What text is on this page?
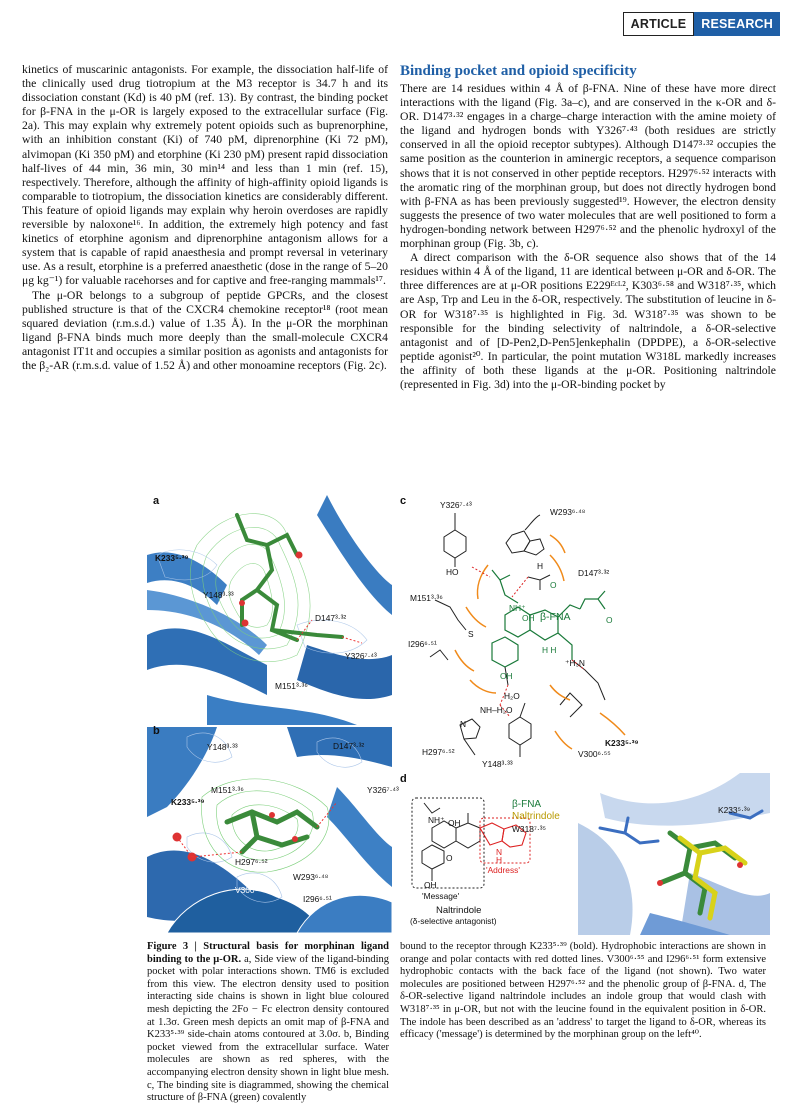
ARTICLE	RESEARCH

kinetics of muscarinic antagonists. For example, the dissociation half-life of the clinically used drug tiotropium at the M3 receptor is 34.7 h and its dissociation constant (Kd) is 40 pM (ref. 13). By contrast, the binding pocket for β-FNA in the μ-OR is largely exposed to the extracellular surface (Fig. 2a). This may explain why extremely potent opioids such as buprenorphine, with an inhibition constant (Ki) of 740 pM, diprenorphine (Ki 72 pM), alvimopan (Ki 350 pM) and etorphine (Ki 230 pM) present rapid dissociation half-lives of 44 min, 36 min, 30 min¹⁴ and less than 1 min (ref. 15), respectively. Therefore, although the affinity of high-affinity opioid ligands is comparable to tiotropium, the dissociation kinetics are considerably different. This feature of opioid ligands may explain why heroin overdoses are rapidly reversible by naloxone¹⁶. In addition, the extremely high potency and fast kinetics of etorphine agonism and diprenorphine antagonism allows for a system that is capable of rapid anaesthesia and prompt reversal in veterinary use. As a result, etorphine is a preferred anaesthetic (dose in the range of 5–20 μg kg⁻¹) for valuable racehorses and for captive and free-ranging mammals¹⁷.

The μ-OR belongs to a subgroup of peptide GPCRs, and the closest published structure is that of the CXCR4 chemokine receptor¹⁸ (root mean squared deviation (r.m.s.d.) value of 1.35 Å). In the μ-OR the morphinan ligand β-FNA binds much more deeply than the small-molecule CXCR4 antagonist IT1t and occupies a similar position as agonists and antagonists for the β₂-AR (r.m.s.d. value of 1.52 Å) and other monoamine receptors (Fig. 2c).

Binding pocket and opioid specificity

There are 14 residues within 4 Å of β-FNA. Nine of these have more direct interactions with the ligand (Fig. 3a–c), and are conserved in the κ-OR and δ-OR. D147³·³² engages in a charge–charge interaction with the amine moiety of the ligand and hydrogen bonds with Y326⁷·⁴³ (both residues are strictly conserved in all the opioid receptor subtypes). Although D147³·³² occupies the same position as the counterion in aminergic receptors, a sequence comparison shows that it is not conserved in other peptide receptors. H297⁶·⁵² interacts with the aromatic ring of the morphinan group, but does not directly hydrogen bond with β-FNA as has been previously suggested¹⁹. However, the electron density suggests the presence of two water molecules that are well positioned to form a hydrogen-bonding network between H297⁶·⁵² and the phenolic hydroxyl of the morphinan group (Fig. 3b, c).

A direct comparison with the δ-OR sequence also shows that of the 14 residues within 4 Å of the ligand, 11 are identical between μ-OR and δ-OR. The three differences are at μ-OR positions E229ᴱᶜᴸ², K303⁶·⁵⁸ and W318⁷·³⁵, which are Asp, Trp and Leu in the δ-OR, respectively. The substitution of leucine in δ-OR for W318⁷·³⁵ is highlighted in Fig. 3d. W318⁷·³⁵ was shown to be responsible for the binding selectivity of naltrindole, a δ-OR-selective antagonist and of [D-Pen2,D-Pen5]enkephalin (DPDPE), a δ-OR-selective peptide agonist²⁰. In particular, the point mutation W318L markedly increases the affinity of both these ligands at the μ-OR. Positioning naltrindole (represented in Fig. 3d) into the μ-OR-binding pocket by

a
K233⁵·³⁹
Y148³·³³
D147³·³²
Y326⁷·⁴³
M151³·³⁶
b
Y148³·³³	D147³·³²
M151³·³⁶
K233⁵·³⁹
Y326⁷·⁴³
H297⁶·⁵²
W293⁶·⁴⁸
V300⁶·⁵⁵
I296⁶·⁵¹
c	Y326⁷·⁴³
W293⁶·⁴⁸
D147³·³²
M151³·³⁶
I296⁶·⁵¹
K233⁵·³⁹
V300⁶·⁵⁵
H297⁶·⁵²
Y148³·³³
β-FNA
HO
NH⁺
OH
OH
H₂O
NH–H₂O
S
O
O
H H
⁺H₃N
N
H
d
β-FNA
Naltrindole
W318⁷·³⁵
K233⁵·³⁹
NH⁺ OH
O
N
H
OH
'Address'
'Message'
Naltrindole
(δ-selective antagonist)
Figure 3 | Structural basis for morphinan ligand binding to the μ-OR. a, Side view of the ligand-binding pocket with polar interactions shown. TM6 is excluded from this view. The electron density used to position interacting side chains is shown in light blue coloured mesh depicting the 2Fo − Fc electron density contoured at 1.3σ. Green mesh depicts an omit map of β-FNA and K233⁵·³⁹ side-chain atoms contoured at 3.0σ. b, Binding pocket viewed from the extracellular surface. Water molecules are shown as red spheres, with the accompanying electron density shown in light blue mesh. c, The binding site is diagrammed, showing the chemical structure of β-FNA (green) covalently
bound to the receptor through K233⁵·³⁹ (bold). Hydrophobic interactions are shown in orange and polar contacts with red dotted lines. V300⁶·⁵⁵ and I296⁶·⁵¹ form extensive hydrophobic contacts with the back face of the ligand (not shown). Two water molecules are positioned between H297⁶·⁵² and the phenolic group of β-FNA. d, The δ-OR-selective ligand naltrindole includes an indole group that would clash with W318⁷·³⁵ in μ-OR, but not with the leucine found in the equivalent position in δ-OR. The indole has been described as an 'address' to target the ligand to δ-OR, whereas its efficacy ('message') is determined by the morphinan group on the left⁴⁰.
